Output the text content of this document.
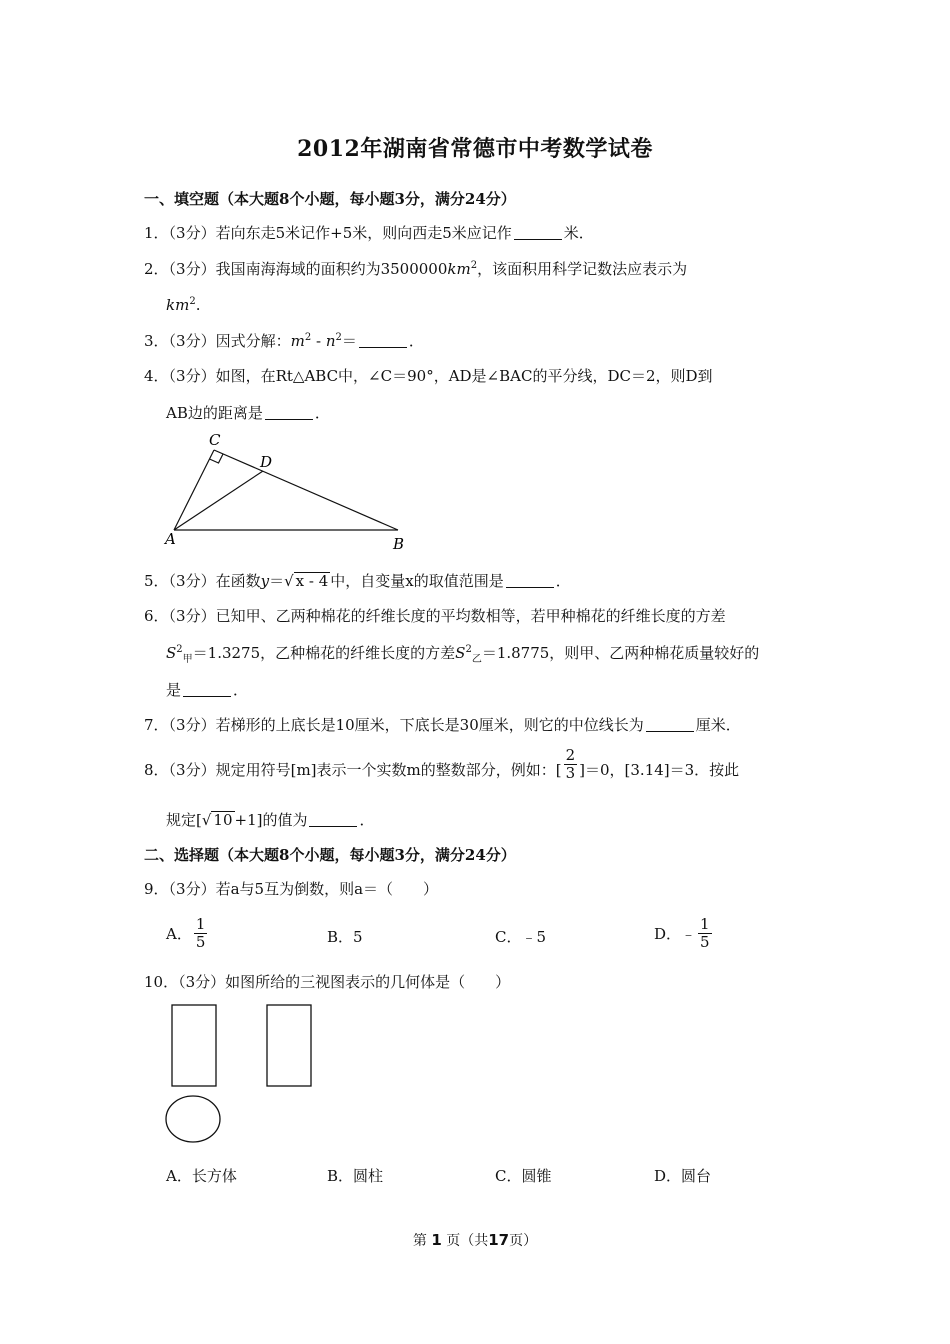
2012年湖南省常德市中考数学试卷
一、填空题（本大题8个小题，每小题3分，满分24分）
1．（3分）若向东走5米记作+5米，则向西走5米应记作	米．
2．（3分）我国南海海域的面积约为$3500000km^2$，该面积用科学记数法应表示为
$km^2$.
3．（3分）因式分解：$m^2 - n^2=$	．
4．（3分）如图，在Rt△ABC中，∠C＝90°，AD是∠BAC的平分线，DC＝2，则D到
AB边的距离是	．
C
D
A	B
5．（3分）在函数y＝√ x - 4 中，自变量x的取值范围是	．
6．（3分）已知甲、乙两种棉花的纤维长度的平均数相等，若甲种棉花的纤维长度的方差
$S^2_甲=1.3275$，乙种棉花的纤维长度的方差$S^2_乙=1.8775$，则甲、乙两种棉花质量较好的
是	．
7．（3分）若梯形的上底长是10厘米，下底长是30厘米，则它的中位线长为	厘米．
8．（3分）规定用符号[m]表示一个实数m的整数部分，例如：[ $\frac{2}{3} ]=0$，[3.14]＝3．按此
规定[√ 10 +1]的值为	．
二、选择题（本大题8个小题，每小题3分，满分24分）
9．（3分）若a与5互为倒数，则a＝（　　）
A． $\frac{1}{5}$	B．5	C．﹣5	D．﹣ $\frac{1}{5}$
10．（3分）如图所给的三视图表示的几何体是（　　）
A．长方体	B．圆柱	C．圆锥	D．圆台
第 1 页（共17页）
